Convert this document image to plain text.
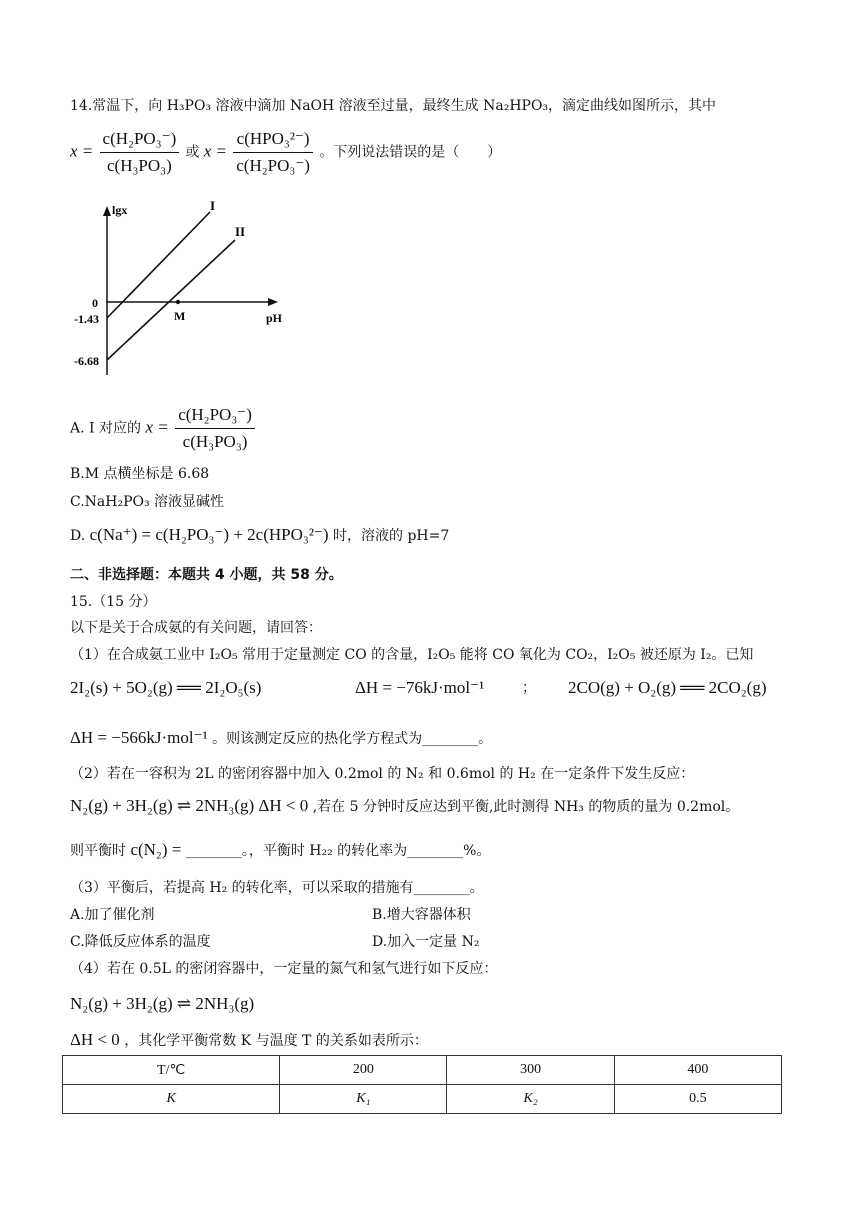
14.常温下，向 H₃PO₃ 溶液中滴加 NaOH 溶液至过量，最终生成 Na₂HPO₃，滴定曲线如图所示，其中
$x = \frac{\text{c(H₂PO₃⁻)}}{\text{c(H₃PO₃)}}$ 或 $x = \frac{\text{c(HPO₃²⁻)}}{\text{c(H₂PO₃⁻)}}$ 。下列说法错误的是（　　）
lgx
pH
0
-1.43
-6.68
M
I
II
A. I 对应的 $x = \frac{\text{c(H₂PO₃⁻)}}{\text{c(H₃PO₃)}}$
B.M 点横坐标是 6.68
C.NaH₂PO₃ 溶液显碱性
D. c(Na⁺) = c(H₂PO₃⁻) + 2c(HPO₃²⁻) 时，溶液的 pH=7
二、非选择题：本题共 4 小题，共 58 分。
15.（15 分）
以下是关于合成氨的有关问题，请回答：
（1）在合成氨工业中 I₂O₅ 常用于定量测定 CO 的含量，I₂O₅ 能将 CO 氧化为 CO₂，I₂O₅ 被还原为 I₂。已知
2I₂(s) + 5O₂(g) ══ 2I₂O₅(s)	ΔH = −76kJ·mol⁻¹	； 2CO(g) + O₂(g) ══ 2CO₂(g)
ΔH = −566kJ·mol⁻¹ 。则该测定反应的热化学方程式为________。
（2）若在一容积为 2L 的密闭容器中加入 0.2mol 的 N₂ 和 0.6mol 的 H₂ 在一定条件下发生反应：
N₂(g) + 3H₂(g) ⇌ 2NH₃(g) ΔH < 0 ,若在 5 分钟时反应达到平衡,此时测得 NH₃ 的物质的量为 0.2mol。
则平衡时 c(N₂) = ________。，平衡时 H₂₂ 的转化率为________%。
（3）平衡后，若提高 H₂ 的转化率，可以采取的措施有________。
A.加了催化剂	B.增大容器体积
C.降低反应体系的温度	D.加入一定量 N₂
（4）若在 0.5L 的密闭容器中，一定量的氮气和氢气进行如下反应：
N₂(g) + 3H₂(g) ⇌ 2NH₃(g)
ΔH < 0 ，其化学平衡常数 K 与温度 T 的关系如表所示：
T/℃	200	300	400
K	K₁	K₂	0.5
